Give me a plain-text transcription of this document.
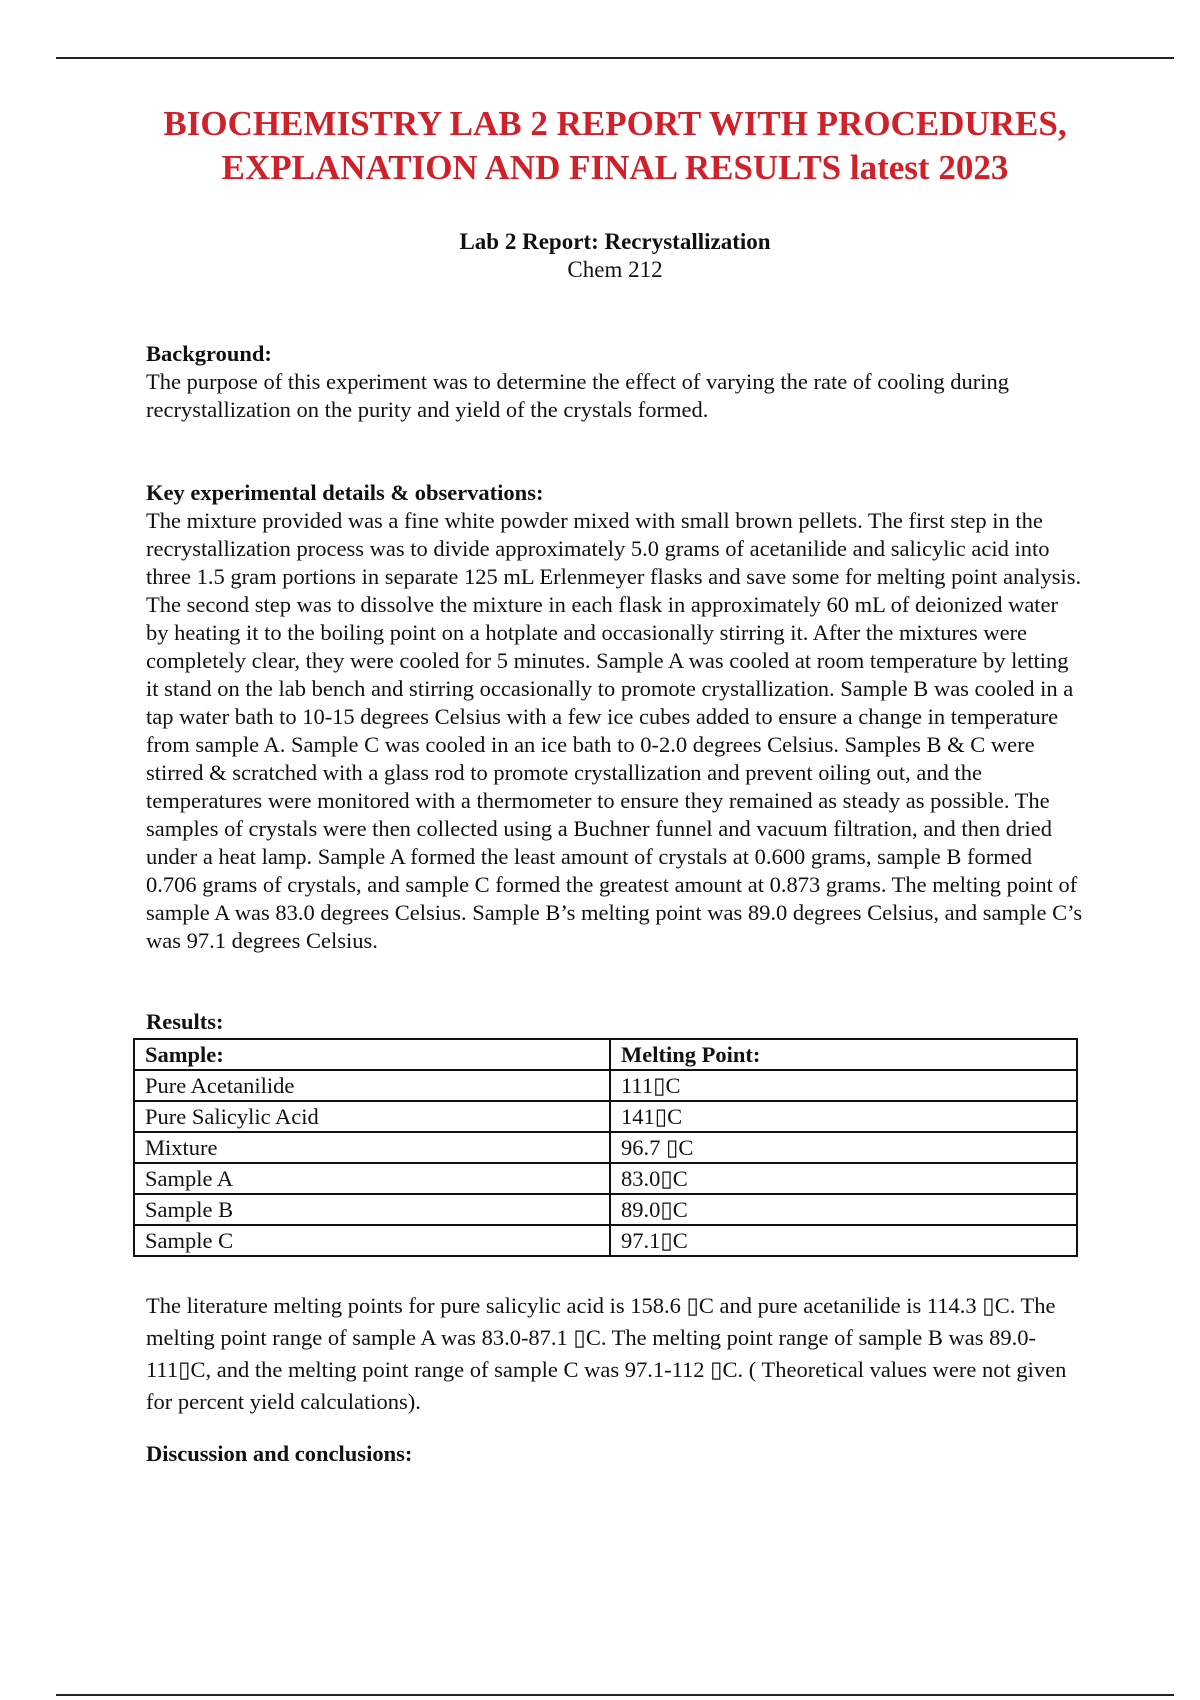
BIOCHEMISTRY LAB 2 REPORT WITH PROCEDURES,
EXPLANATION AND FINAL RESULTS latest 2023
Lab 2 Report: Recrystallization
Chem 212
Background:

The purpose of this experiment was to determine the effect of varying the rate of cooling during recrystallization on the purity and yield of the crystals formed.

Key experimental details & observations:

The mixture provided was a fine white powder mixed with small brown pellets. The first step in the recrystallization process was to divide approximately 5.0 grams of acetanilide and salicylic acid into three 1.5 gram portions in separate 125 mL Erlenmeyer flasks and save some for melting point analysis. The second step was to dissolve the mixture in each flask in approximately 60 mL of deionized water by heating it to the boiling point on a hotplate and occasionally stirring it. After the mixtures were completely clear, they were cooled for 5 minutes. Sample A was cooled at room temperature by letting it stand on the lab bench and stirring occasionally to promote crystallization. Sample B was cooled in a tap water bath to 10-15 degrees Celsius with a few ice cubes added to ensure a change in temperature from sample A. Sample C was cooled in an ice bath to 0-2.0 degrees Celsius. Samples B & C were stirred & scratched with a glass rod to promote crystallization and prevent oiling out, and the temperatures were monitored with a thermometer to ensure they remained as steady as possible. The samples of crystals were then collected using a Buchner funnel and vacuum filtration, and then dried under a heat lamp. Sample A formed the least amount of crystals at 0.600 grams, sample B formed 0.706 grams of crystals, and sample C formed the greatest amount at 0.873 grams. The melting point of sample A was 83.0 degrees Celsius. Sample B’s melting point was 89.0 degrees Celsius, and sample C’s was 97.1 degrees Celsius.

Results:
Sample:	Melting Point:
Pure Acetanilide	111▯C
Pure Salicylic Acid	141▯C
Mixture	96.7 ▯C
Sample A	83.0▯C
Sample B	89.0▯C
Sample C	97.1▯C

The literature melting points for pure salicylic acid is 158.6 ▯C and pure acetanilide is 114.3 ▯C. The melting point range of sample A was 83.0-87.1 ▯C. The melting point range of sample B was 89.0-111▯C, and the melting point range of sample C was 97.1-112 ▯C. ( Theoretical values were not given for percent yield calculations).

Discussion and conclusions:
